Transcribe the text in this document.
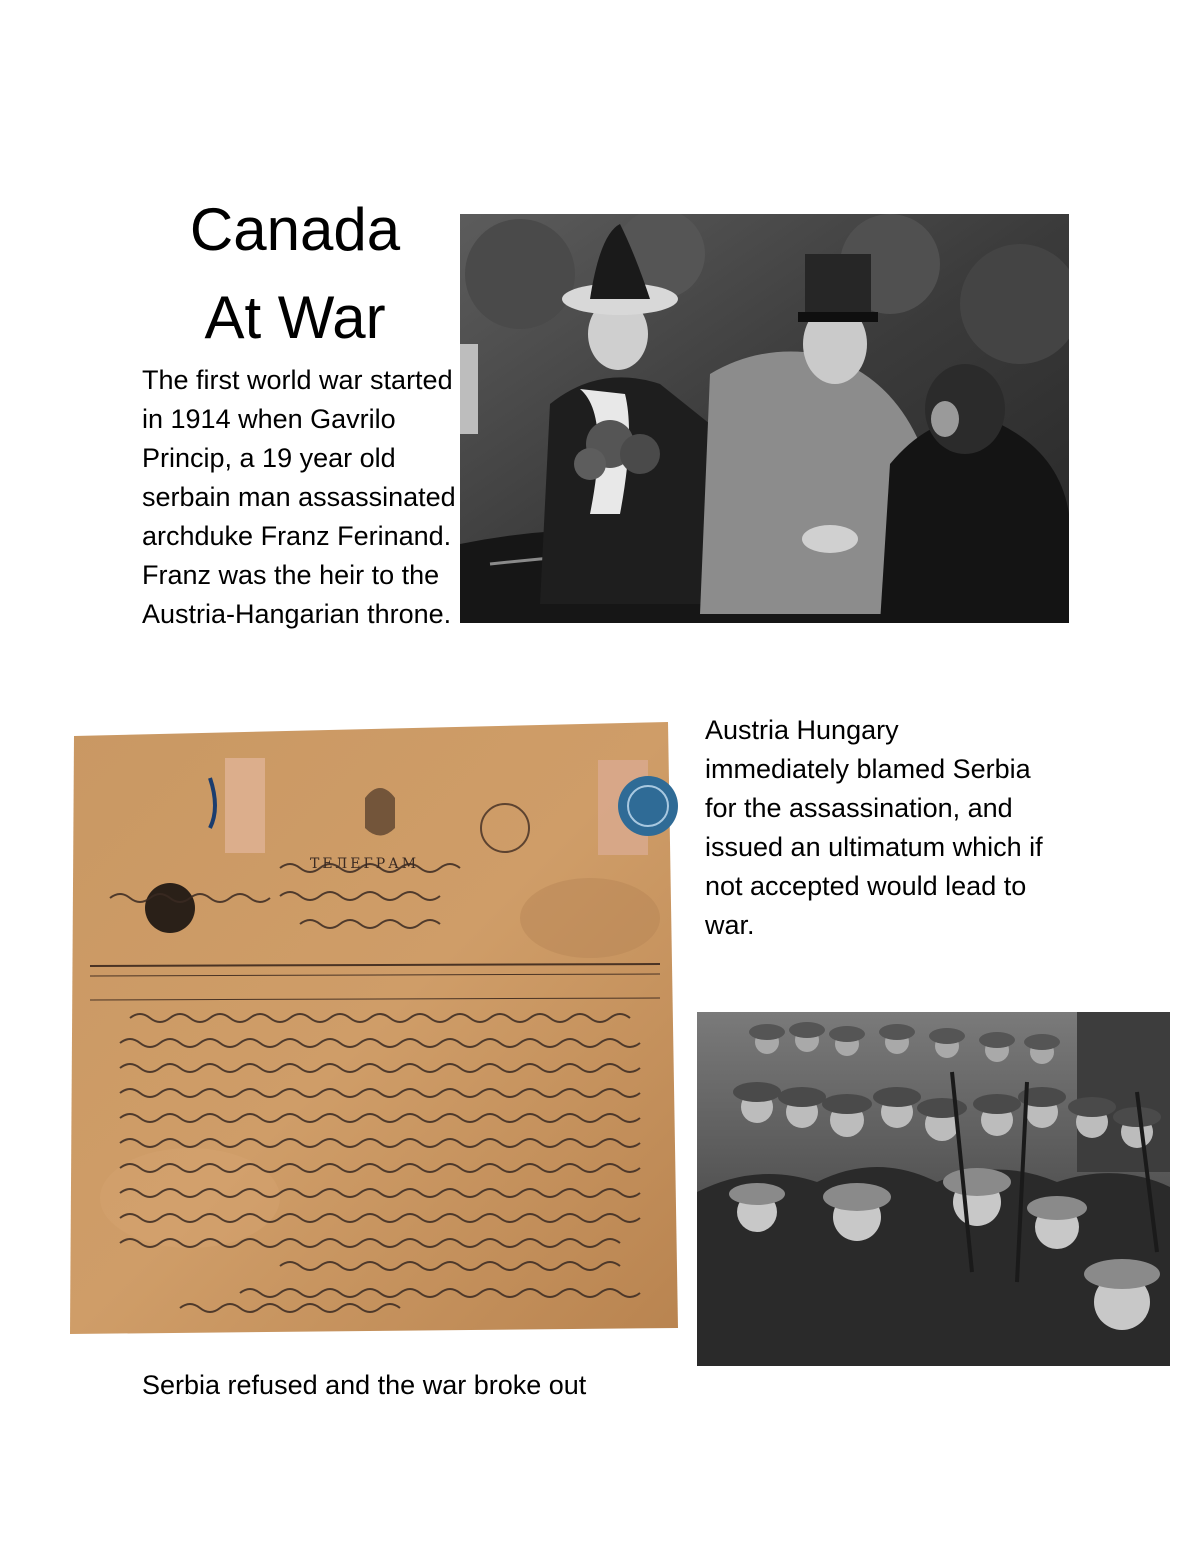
Canada
At War

The first world war started in 1914 when Gavrilo Princip, a 19 year old serbain man assassinated archduke Franz Ferinand. Franz was the heir to the Austria-Hangarian throne.

ТЕЛЕГРАМ

Austria Hungary immediately blamed Serbia for the assassination, and issued an ultimatum which if not accepted would lead to war.

Serbia refused and the war broke out
